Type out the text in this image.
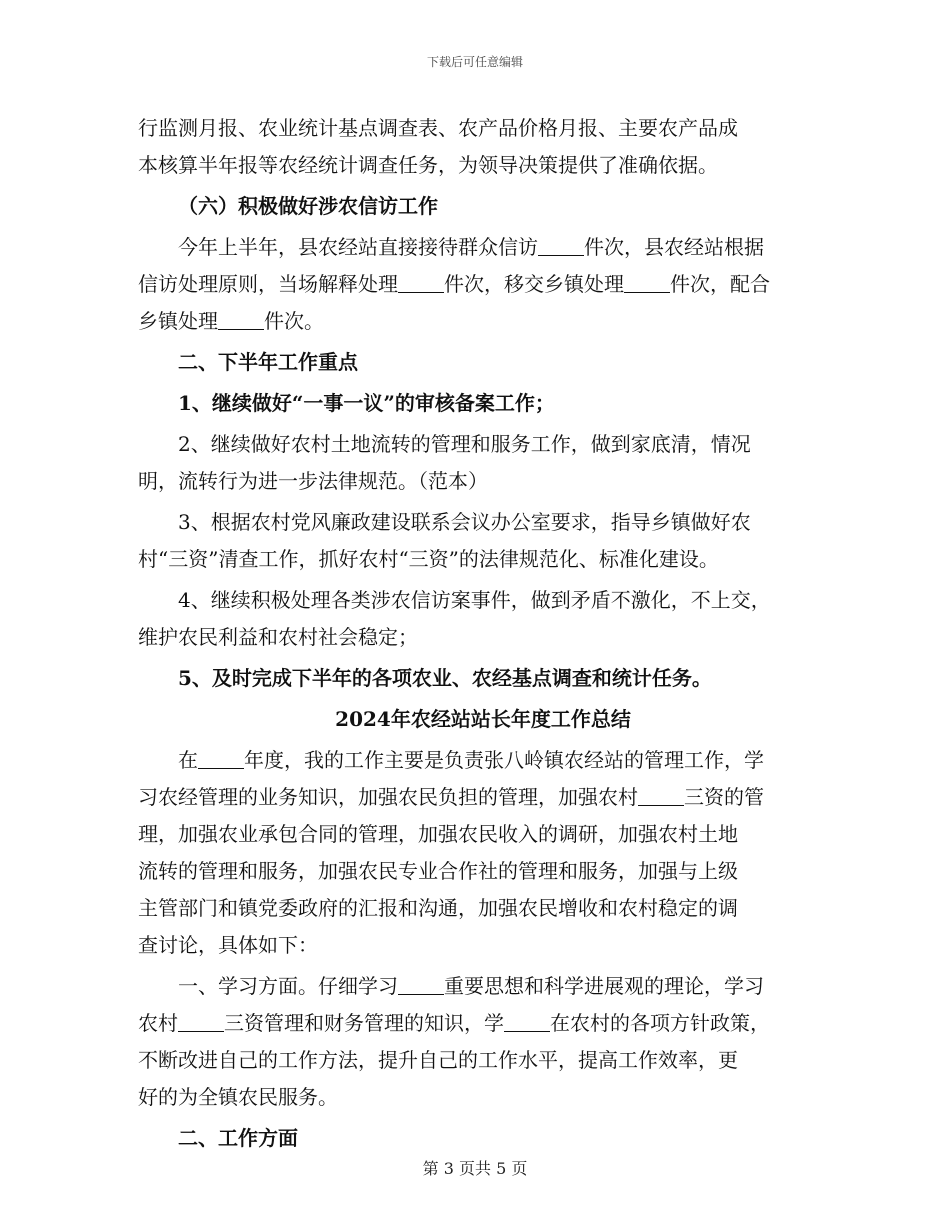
下载后可任意编辑
行监测月报、农业统计基点调查表、农产品价格月报、主要农产品成
本核算半年报等农经统计调查任务，为领导决策提供了准确依据。
（六）积极做好涉农信访工作
今年上半年，县农经站直接接待群众信访 件次，县农经站根据
信访处理原则，当场解释处理 件次，移交乡镇处理 件次，配合
乡镇处理 件次。
二、下半年工作重点
1、继续做好“一事一议”的审核备案工作；
2、继续做好农村土地流转的管理和服务工作，做到家底清，情况
明，流转行为进一步法律规范。（范本）
3、根据农村党风廉政建设联系会议办公室要求，指导乡镇做好农
村“三资”清查工作，抓好农村“三资”的法律规范化、标准化建设。
4、继续积极处理各类涉农信访案事件，做到矛盾不激化，不上交，
维护农民利益和农村社会稳定；
5、及时完成下半年的各项农业、农经基点调查和统计任务。
2024年农经站站长年度工作总结
在 年度，我的工作主要是负责张八岭镇农经站的管理工作，学
习农经管理的业务知识，加强农民负担的管理，加强农村 三资的管
理，加强农业承包合同的管理，加强农民收入的调研，加强农村土地
流转的管理和服务，加强农民专业合作社的管理和服务，加强与上级
主管部门和镇党委政府的汇报和沟通，加强农民增收和农村稳定的调
查讨论，具体如下：
一、学习方面。仔细学习 重要思想和科学进展观的理论，学习
农村 三资管理和财务管理的知识，学 在农村的各项方针政策，
不断改进自己的工作方法，提升自己的工作水平，提高工作效率，更
好的为全镇农民服务。
二、工作方面
第 3 页共 5 页
